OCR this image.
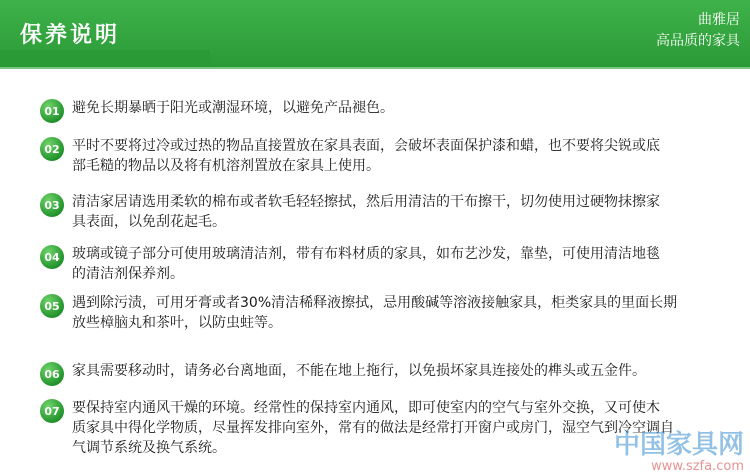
保养说明
曲雅居
高品质的家具
01 避免长期暴晒于阳光或潮湿环境，以避免产品褪色。
02 平时不要将过冷或过热的物品直接置放在家具表面，会破坏表面保护漆和蜡，也不要将尖锐或底
部毛糙的物品以及将有机溶剂置放在家具上使用。
03 清洁家居请选用柔软的棉布或者软毛轻轻擦拭，然后用清洁的干布擦干，切勿使用过硬物抹擦家
具表面，以免刮花起毛。
04 玻璃或镜子部分可使用玻璃清洁剂，带有布料材质的家具，如布艺沙发，靠垫，可使用清洁地毯
的清洁剂保养剂。
05 遇到除污渍，可用牙膏或者30%清洁稀释液擦拭，忌用酸碱等溶液接触家具，柜类家具的里面长期
放些樟脑丸和茶叶，以防虫蛀等。
06 家具需要移动时，请务必台离地面，不能在地上拖行，以免损坏家具连接处的榫头或五金件。
07 要保持室内通风干燥的环境。经常性的保持室内通风，即可使室内的空气与室外交换，又可使木
质家具中得化学物质，尽量挥发排向室外，常有的做法是经常打开窗户或房门，湿空气到冷空调自
气调节系统及换气系统。	中国家具网
www.szfa.com
